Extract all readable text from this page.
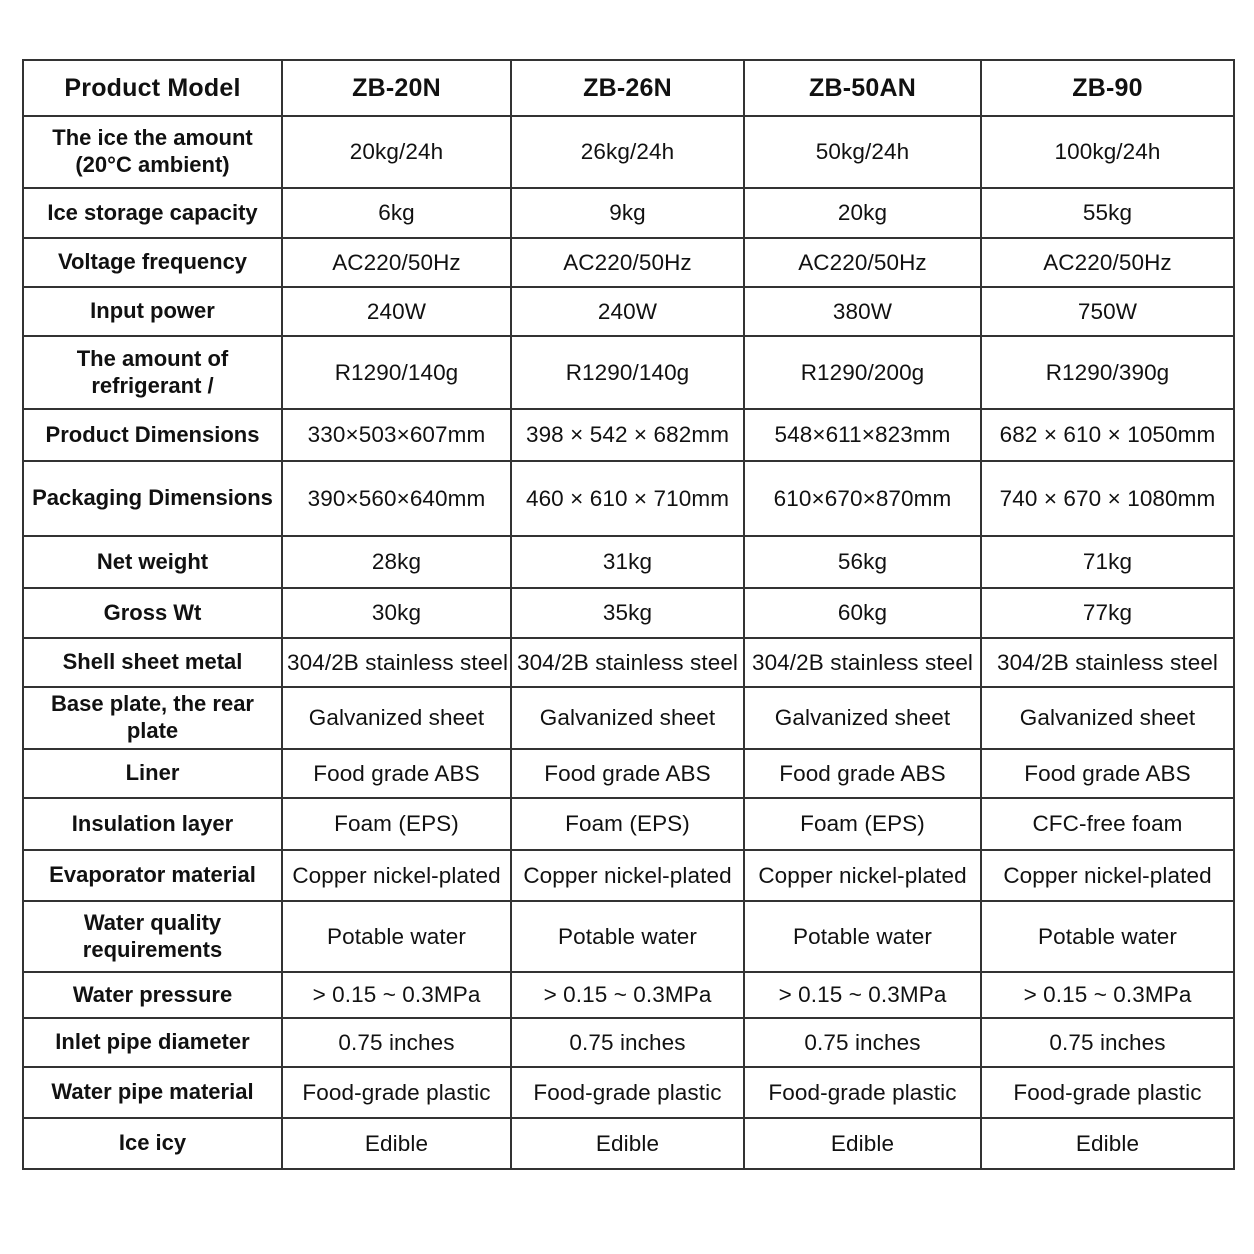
Product Model	ZB-20N	ZB-26N	ZB-50AN	ZB-90
The ice the amount (20°C ambient)	20kg/24h	26kg/24h	50kg/24h	100kg/24h
Ice storage capacity	6kg	9kg	20kg	55kg
Voltage frequency	AC220/50Hz	AC220/50Hz	AC220/50Hz	AC220/50Hz
Input power	240W	240W	380W	750W
The amount of refrigerant /	R1290/140g	R1290/140g	R1290/200g	R1290/390g
Product Dimensions	330×503×607mm	398 × 542 × 682mm	548×611×823mm	682 × 610 × 1050mm
Packaging Dimensions	390×560×640mm	460 × 610 × 710mm	610×670×870mm	740 × 670 × 1080mm
Net weight	28kg	31kg	56kg	71kg
Gross Wt	30kg	35kg	60kg	77kg
Shell sheet metal	304/2B stainless steel	304/2B stainless steel	304/2B stainless steel	304/2B stainless steel
Base plate, the rear plate	Galvanized sheet	Galvanized sheet	Galvanized sheet	Galvanized sheet
Liner	Food grade ABS	Food grade ABS	Food grade ABS	Food grade ABS
Insulation layer	Foam (EPS)	Foam (EPS)	Foam (EPS)	CFC-free foam
Evaporator material	Copper nickel-plated	Copper nickel-plated	Copper nickel-plated	Copper nickel-plated
Water quality requirements	Potable water	Potable water	Potable water	Potable water
Water pressure	> 0.15 ~ 0.3MPa	> 0.15 ~ 0.3MPa	> 0.15 ~ 0.3MPa	> 0.15 ~ 0.3MPa
Inlet pipe diameter	0.75 inches	0.75 inches	0.75 inches	0.75 inches
Water pipe material	Food-grade plastic	Food-grade plastic	Food-grade plastic	Food-grade plastic
Ice icy	Edible	Edible	Edible	Edible
